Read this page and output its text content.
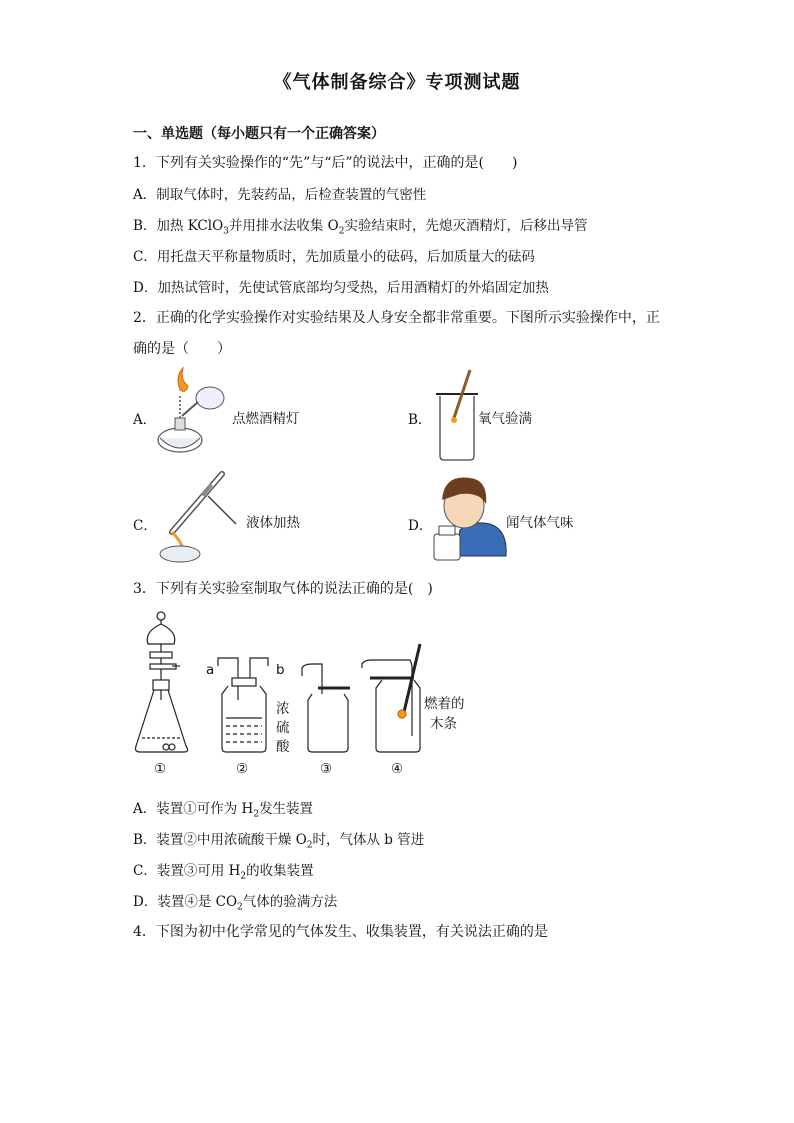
《气体制备综合》专项测试题
一、单选题（每小题只有一个正确答案）
1．下列有关实验操作的“先”与“后”的说法中，正确的是(　　)
A．制取气体时，先装药品，后检查装置的气密性
B．加热 KClO$_3$并用排水法收集 $O_2$实验结束时，先熄灭酒精灯，后移出导管
C．用托盘天平称量物质时，先加质量小的砝码，后加质量大的砝码
D．加热试管时，先使试管底部均匀受热，后用酒精灯的外焰固定加热
2．正确的化学实验操作对实验结果及人身安全都非常重要。下图所示实验操作中，正
确的是（　　）
A．	点燃酒精灯	B．	氧气验满
C．	液体加热	D．	闻气体气味
3．下列有关实验室制取气体的说法正确的是(　)
a	b
浓
硫
酸
燃着的
木条
①	②	③	④
A．装置①可作为 $H_2$发生装置
B．装置②中用浓硫酸干燥 $O_2$时，气体从 b 管进
C．装置③可用 $H_2$的收集装置
D．装置④是 $CO_2$气体的验满方法
4．下图为初中化学常见的气体发生、收集装置，有关说法正确的是
